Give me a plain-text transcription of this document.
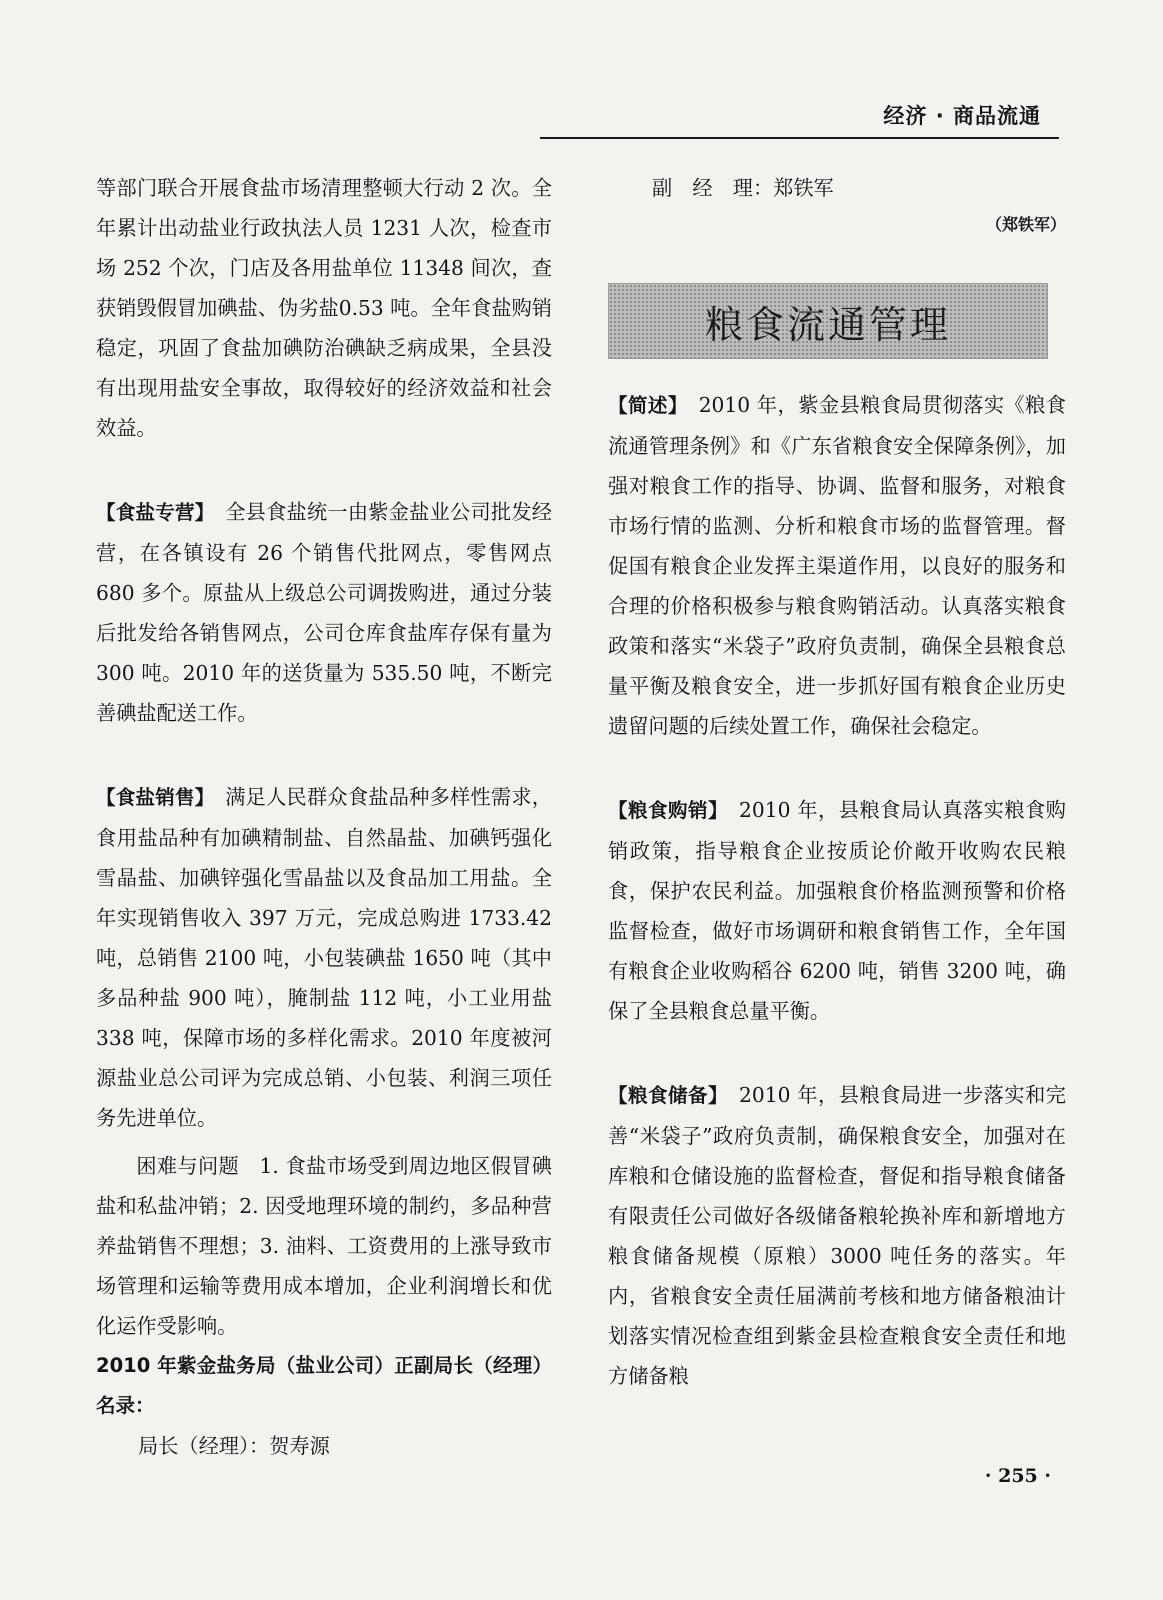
经济 · 商品流通

等部门联合开展食盐市场清理整顿大行动 2 次。全年累计出动盐业行政执法人员 1231 人次，检查市场 252 个次，门店及各用盐单位 11348 间次，查获销毁假冒加碘盐、伪劣盐0.53 吨。全年食盐购销稳定，巩固了食盐加碘防治碘缺乏病成果，全县没有出现用盐安全事故，取得较好的经济效益和社会效益。

【食盐专营】　 全县食盐统一由紫金盐业公司批发经营，在各镇设有 26 个销售代批网点，零售网点 680 多个。原盐从上级总公司调拨购进，通过分装后批发给各销售网点，公司仓库食盐库存保有量为 300 吨。2010 年的送货量为 535.50 吨，不断完善碘盐配送工作。

【食盐销售】　 满足人民群众食盐品种多样性需求，食用盐品种有加碘精制盐、自然晶盐、加碘钙强化雪晶盐、加碘锌强化雪晶盐以及食品加工用盐。全年实现销售收入 397 万元，完成总购进 1733.42 吨，总销售 2100 吨，小包装碘盐 1650 吨（其中多品种盐 900 吨），腌制盐 112 吨，小工业用盐 338 吨，保障市场的多样化需求。2010 年度被河源盐业总公司评为完成总销、小包装、利润三项任务先进单位。

困难与问题　1. 食盐市场受到周边地区假冒碘盐和私盐冲销；2. 因受地理环境的制约，多品种营养盐销售不理想；3. 油料、工资费用的上涨导致市场管理和运输等费用成本增加，企业利润增长和优化运作受影响。

2010 年紫金盐务局（盐业公司）正副局长（经理）名录：

局长（经理）：贺寿源

副　经　理：郑铁军

（郑铁军）

粮食流通管理

【简述】　 2010 年，紫金县粮食局贯彻落实《粮食流通管理条例》和《广东省粮食安全保障条例》，加强对粮食工作的指导、协调、监督和服务，对粮食市场行情的监测、分析和粮食市场的监督管理。督促国有粮食企业发挥主渠道作用，以良好的服务和合理的价格积极参与粮食购销活动。认真落实粮食政策和落实“米袋子”政府负责制，确保全县粮食总量平衡及粮食安全，进一步抓好国有粮食企业历史遗留问题的后续处置工作，确保社会稳定。

【粮食购销】　 2010 年，县粮食局认真落实粮食购销政策，指导粮食企业按质论价敞开收购农民粮食，保护农民利益。加强粮食价格监测预警和价格监督检查，做好市场调研和粮食销售工作，全年国有粮食企业收购稻谷 6200 吨，销售 3200 吨，确保了全县粮食总量平衡。

【粮食储备】　 2010 年，县粮食局进一步落实和完善“米袋子”政府负责制，确保粮食安全，加强对在库粮和仓储设施的监督检查，督促和指导粮食储备有限责任公司做好各级储备粮轮换补库和新增地方粮食储备规模（原粮）3000 吨任务的落实。年内，省粮食安全责任届满前考核和地方储备粮油计划落实情况检查组到紫金县检查粮食安全责任和地方储备粮

· 255 ·
